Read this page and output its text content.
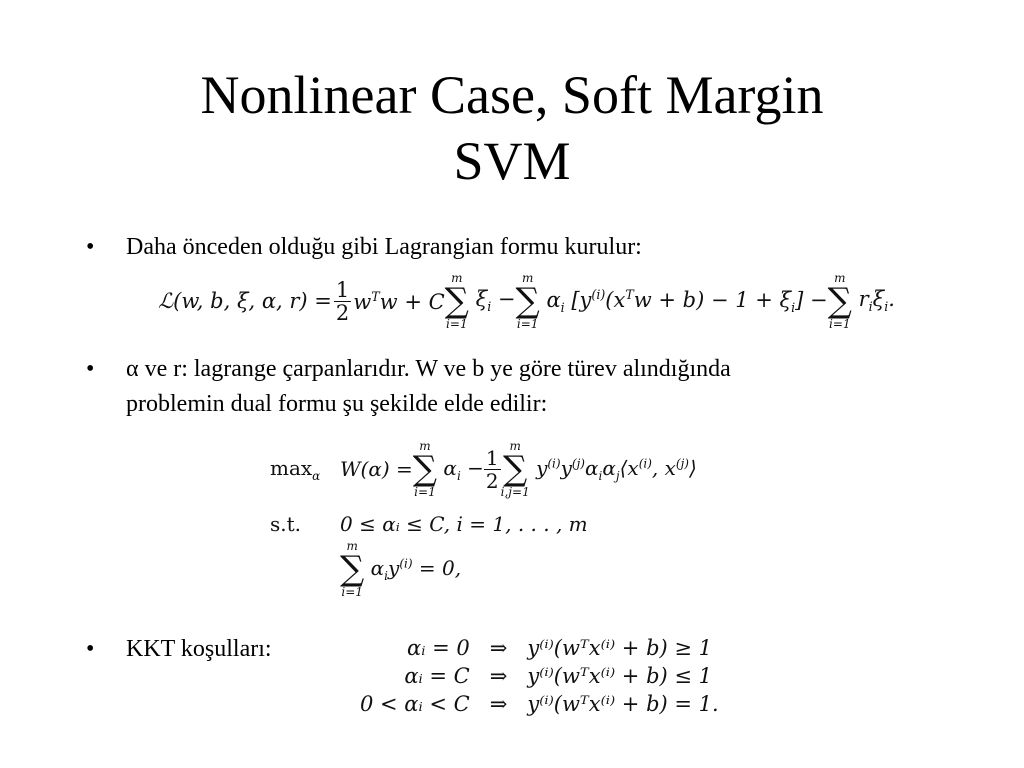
Nonlinear Case, Soft Margin
SVM
• Daha önceden olduğu gibi Lagrangian formu kurulur:
ℒ(w, b, ξ, α, $r) = \frac{1}{2} w^Tw + C$
m
∑
i=1
$\xi_i$ −
m
∑
i=1
$\alpha_i$ $[y^{(i)}(x^Tw + b) - 1 + \xi_i]$ −
m
∑
i=1
$r_i\xi_i$.
• α ve r: lagrange çarpanlarıdır. W ve b ye göre türev alındığında
problemin dual formu şu şekilde elde edilir:
$\max_\alpha W(\alpha)$ =
m
∑
i=1
$\alpha_i - \frac{1}{2}$
m
∑
i,j=1
$y^{(i)}y^{(j)}\alpha_i\alpha_j⟨x^{(i)}$, $x^{(j)}⟩$
s.t.	0 ≤ αᵢ ≤ C, i = 1, . . . , m
m
∑
i=1
$\alpha_iy^{(i)} = 0$,
• KKT koşulları:	αᵢ = 0	⇒	y⁽ⁱ⁾(wᵀx⁽ⁱ⁾ + b) ≥ 1
αᵢ = C	⇒	y⁽ⁱ⁾(wᵀx⁽ⁱ⁾ + b) ≤ 1
0 < αᵢ < C	⇒	y⁽ⁱ⁾(wᵀx⁽ⁱ⁾ + b) = 1.
